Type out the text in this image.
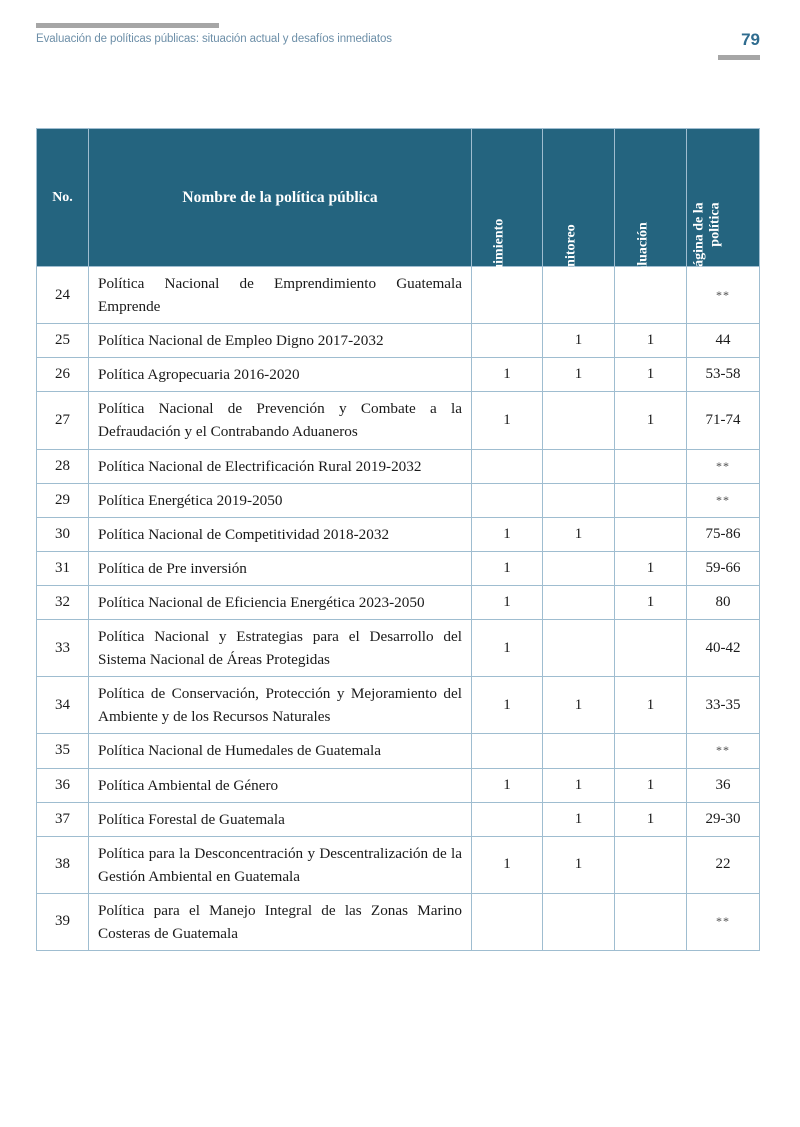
Evaluación de políticas públicas: situación actual y desafíos inmediatos	79
No.	Nombre de la política pública	Seguimiento	Monitoreo	Evaluación	Página de la política

24	Política Nacional de Emprendimiento Guatemala Emprende				**
25	Política Nacional de Empleo Digno 2017-2032		1	1	44
26	Política Agropecuaria 2016-2020	1	1	1	53-58
27	Política Nacional de Prevención y Combate a la Defraudación y el Contrabando Aduaneros	1		1	71-74
28	Política Nacional de Electrificación Rural 2019-2032				**
29	Política Energética 2019-2050				**
30	Política Nacional de Competitividad 2018-2032	1	1		75-86
31	Política de Pre inversión	1		1	59-66
32	Política Nacional de Eficiencia Energética 2023-2050	1		1	80
33	Política Nacional y Estrategias para el Desarrollo del Sistema Nacional de Áreas Protegidas	1			40-42
34	Política de Conservación, Protección y Mejoramiento del Ambiente y de los Recursos Naturales	1	1	1	33-35
35	Política Nacional de Humedales de Guatemala				**
36	Política Ambiental de Género	1	1	1	36
37	Política Forestal de Guatemala		1	1	29-30
38	Política para la Desconcentración y Descentralización de la Gestión Ambiental en Guatemala	1	1		22
39	Política para el Manejo Integral de las Zonas Marino Costeras de Guatemala				**
